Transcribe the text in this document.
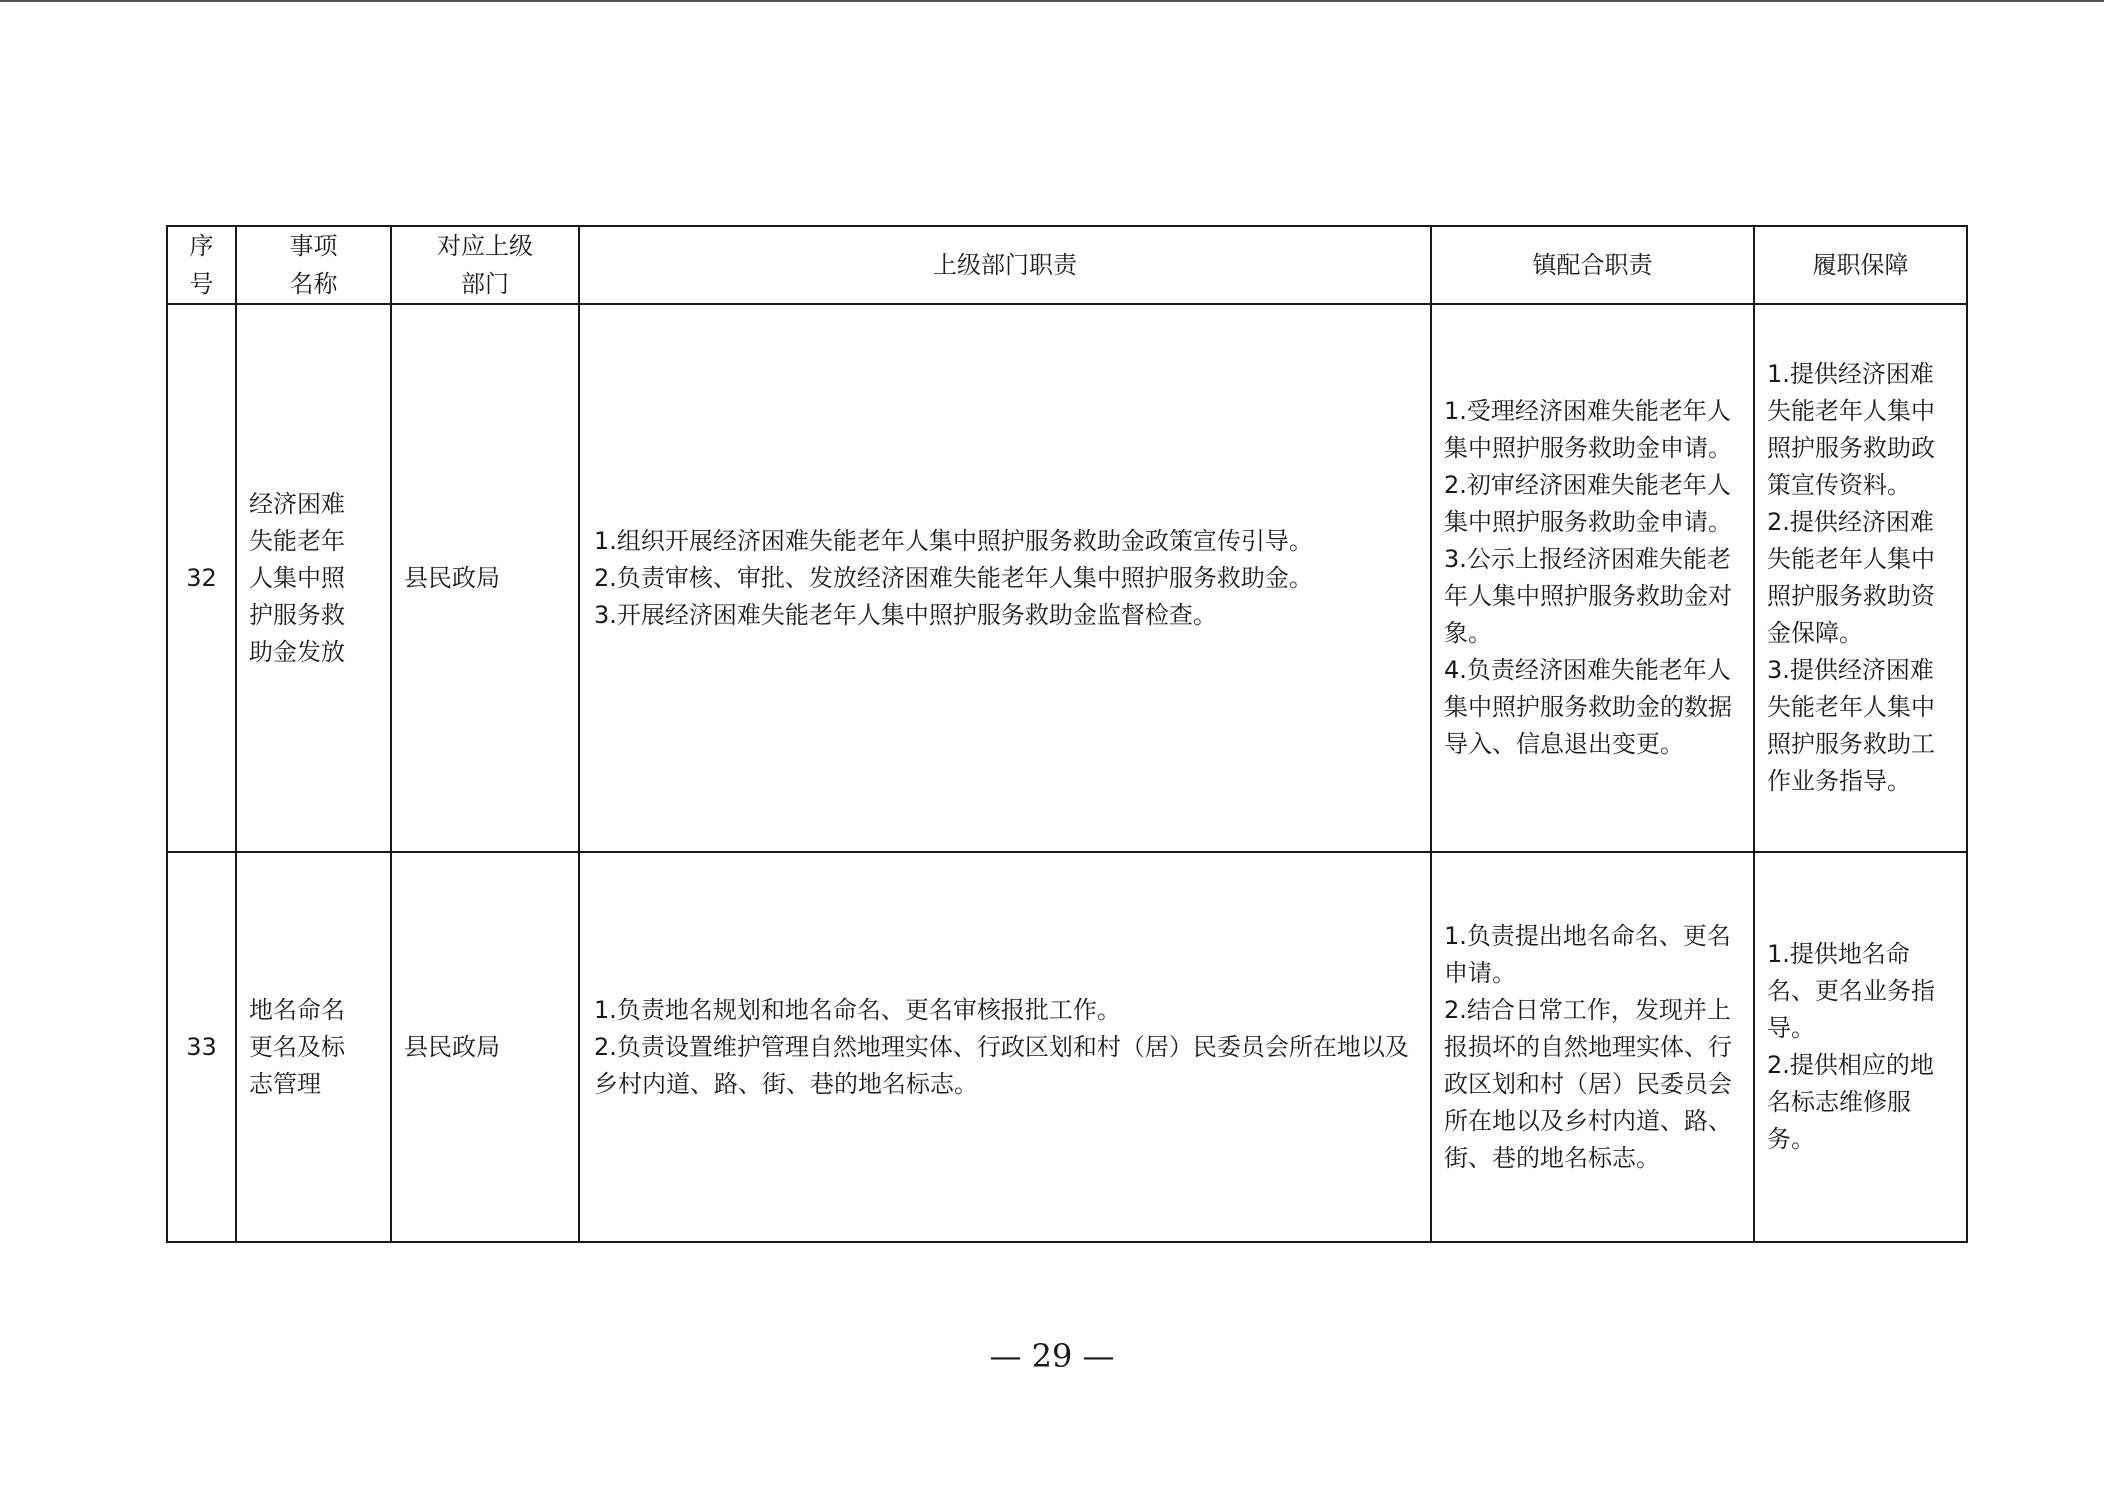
序
号	事项
名称	对应上级
部门	上级部门职责	镇配合职责	履职保障

32	经济困难
失能老年
人集中照
护服务救
助金发放	县民政局	1.组织开展经济困难失能老年人集中照护服务救助金政策宣传引导。
2.负责审核、审批、发放经济困难失能老年人集中照护服务救助金。
3.开展经济困难失能老年人集中照护服务救助金监督检查。	1.受理经济困难失能老年人集中照护服务救助金申请。
2.初审经济困难失能老年人集中照护服务救助金申请。
3.公示上报经济困难失能老年人集中照护服务救助金对象。
4.负责经济困难失能老年人集中照护服务救助金的数据导入、信息退出变更。	1.提供经济困难失能老年人集中照护服务救助政策宣传资料。
2.提供经济困难失能老年人集中照护服务救助资金保障。
3.提供经济困难失能老年人集中照护服务救助工作业务指导。

33	地名命名
更名及标
志管理	县民政局	1.负责地名规划和地名命名、更名审核报批工作。
2.负责设置维护管理自然地理实体、行政区划和村（居）民委员会所在地以及乡村内道、路、街、巷的地名标志。	1.负责提出地名命名、更名申请。
2.结合日常工作，发现并上报损坏的自然地理实体、行政区划和村（居）民委员会所在地以及乡村内道、路、街、巷的地名标志。	1.提供地名命名、更名业务指导。
2.提供相应的地名标志维修服务。
— 29 —
